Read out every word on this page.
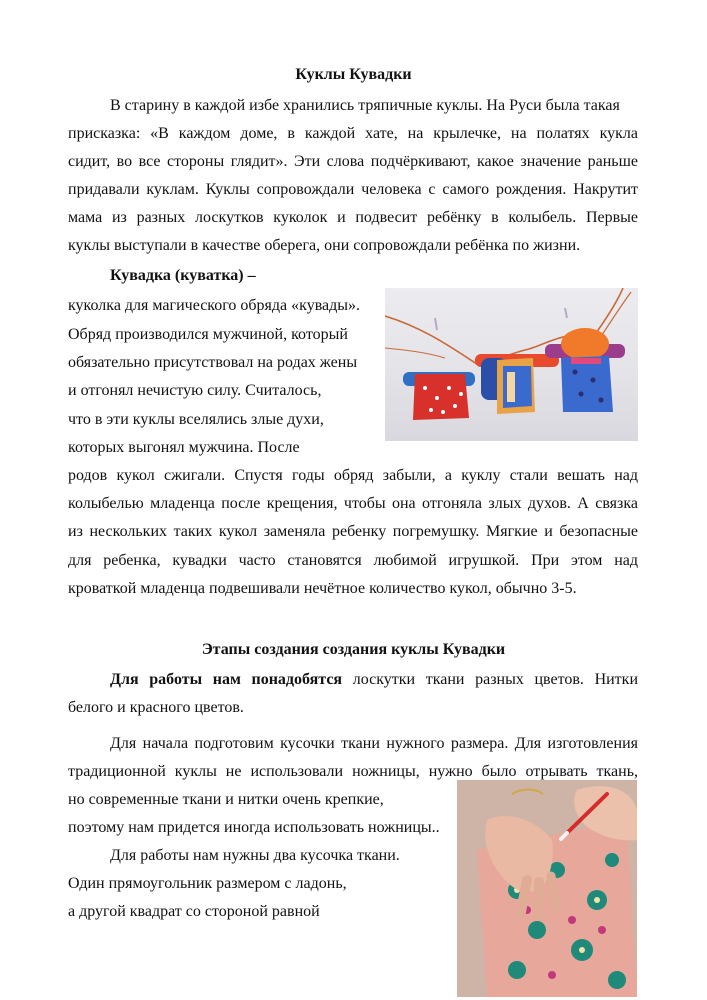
Куклы Кувадки
В старину в каждой избе хранились тряпичные куклы. На Руси была такая
присказка: «В каждом доме, в каждой хате, на крылечке, на полатях кукла
сидит, во все стороны глядит». Эти слова подчёркивают, какое значение раньше
придавали куклам. Куклы сопровождали человека с самого рождения. Накрутит
мама из разных лоскутков куколок и подвесит ребёнку в колыбель. Первые
куклы выступали в качестве оберега, они сопровождали ребёнка по жизни.
Кувадка (куватка) –
куколка для магического обряда «кувады».
Обряд производился мужчиной, который
обязательно присутствовал на родах жены
и отгонял нечистую силу. Считалось,
что в эти куклы вселялись злые духи,
которых выгонял мужчина. После
родов кукол сжигали. Спустя годы обряд забыли, а куклу стали вешать над
колыбелью младенца после крещения, чтобы она отгоняла злых духов. А связка
из нескольких таких кукол заменяла ребенку погремушку. Мягкие и безопасные
для ребенка, кувадки часто становятся любимой игрушкой. При этом над
кроваткой младенца подвешивали нечётное количество кукол, обычно 3-5.
Этапы создания создания куклы Кувадки
Для работы нам понадобятся лоскутки ткани разных цветов. Нитки
белого и красного цветов.
Для начала подготовим кусочки ткани нужного размера. Для изготовления
традиционной куклы не использовали ножницы, нужно было отрывать ткань,
но современные ткани и нитки очень крепкие,
поэтому нам придется иногда использовать ножницы..
Для работы нам нужны два кусочка ткани.
Один прямоугольник размером с ладонь,
а другой квадрат со стороной равной
